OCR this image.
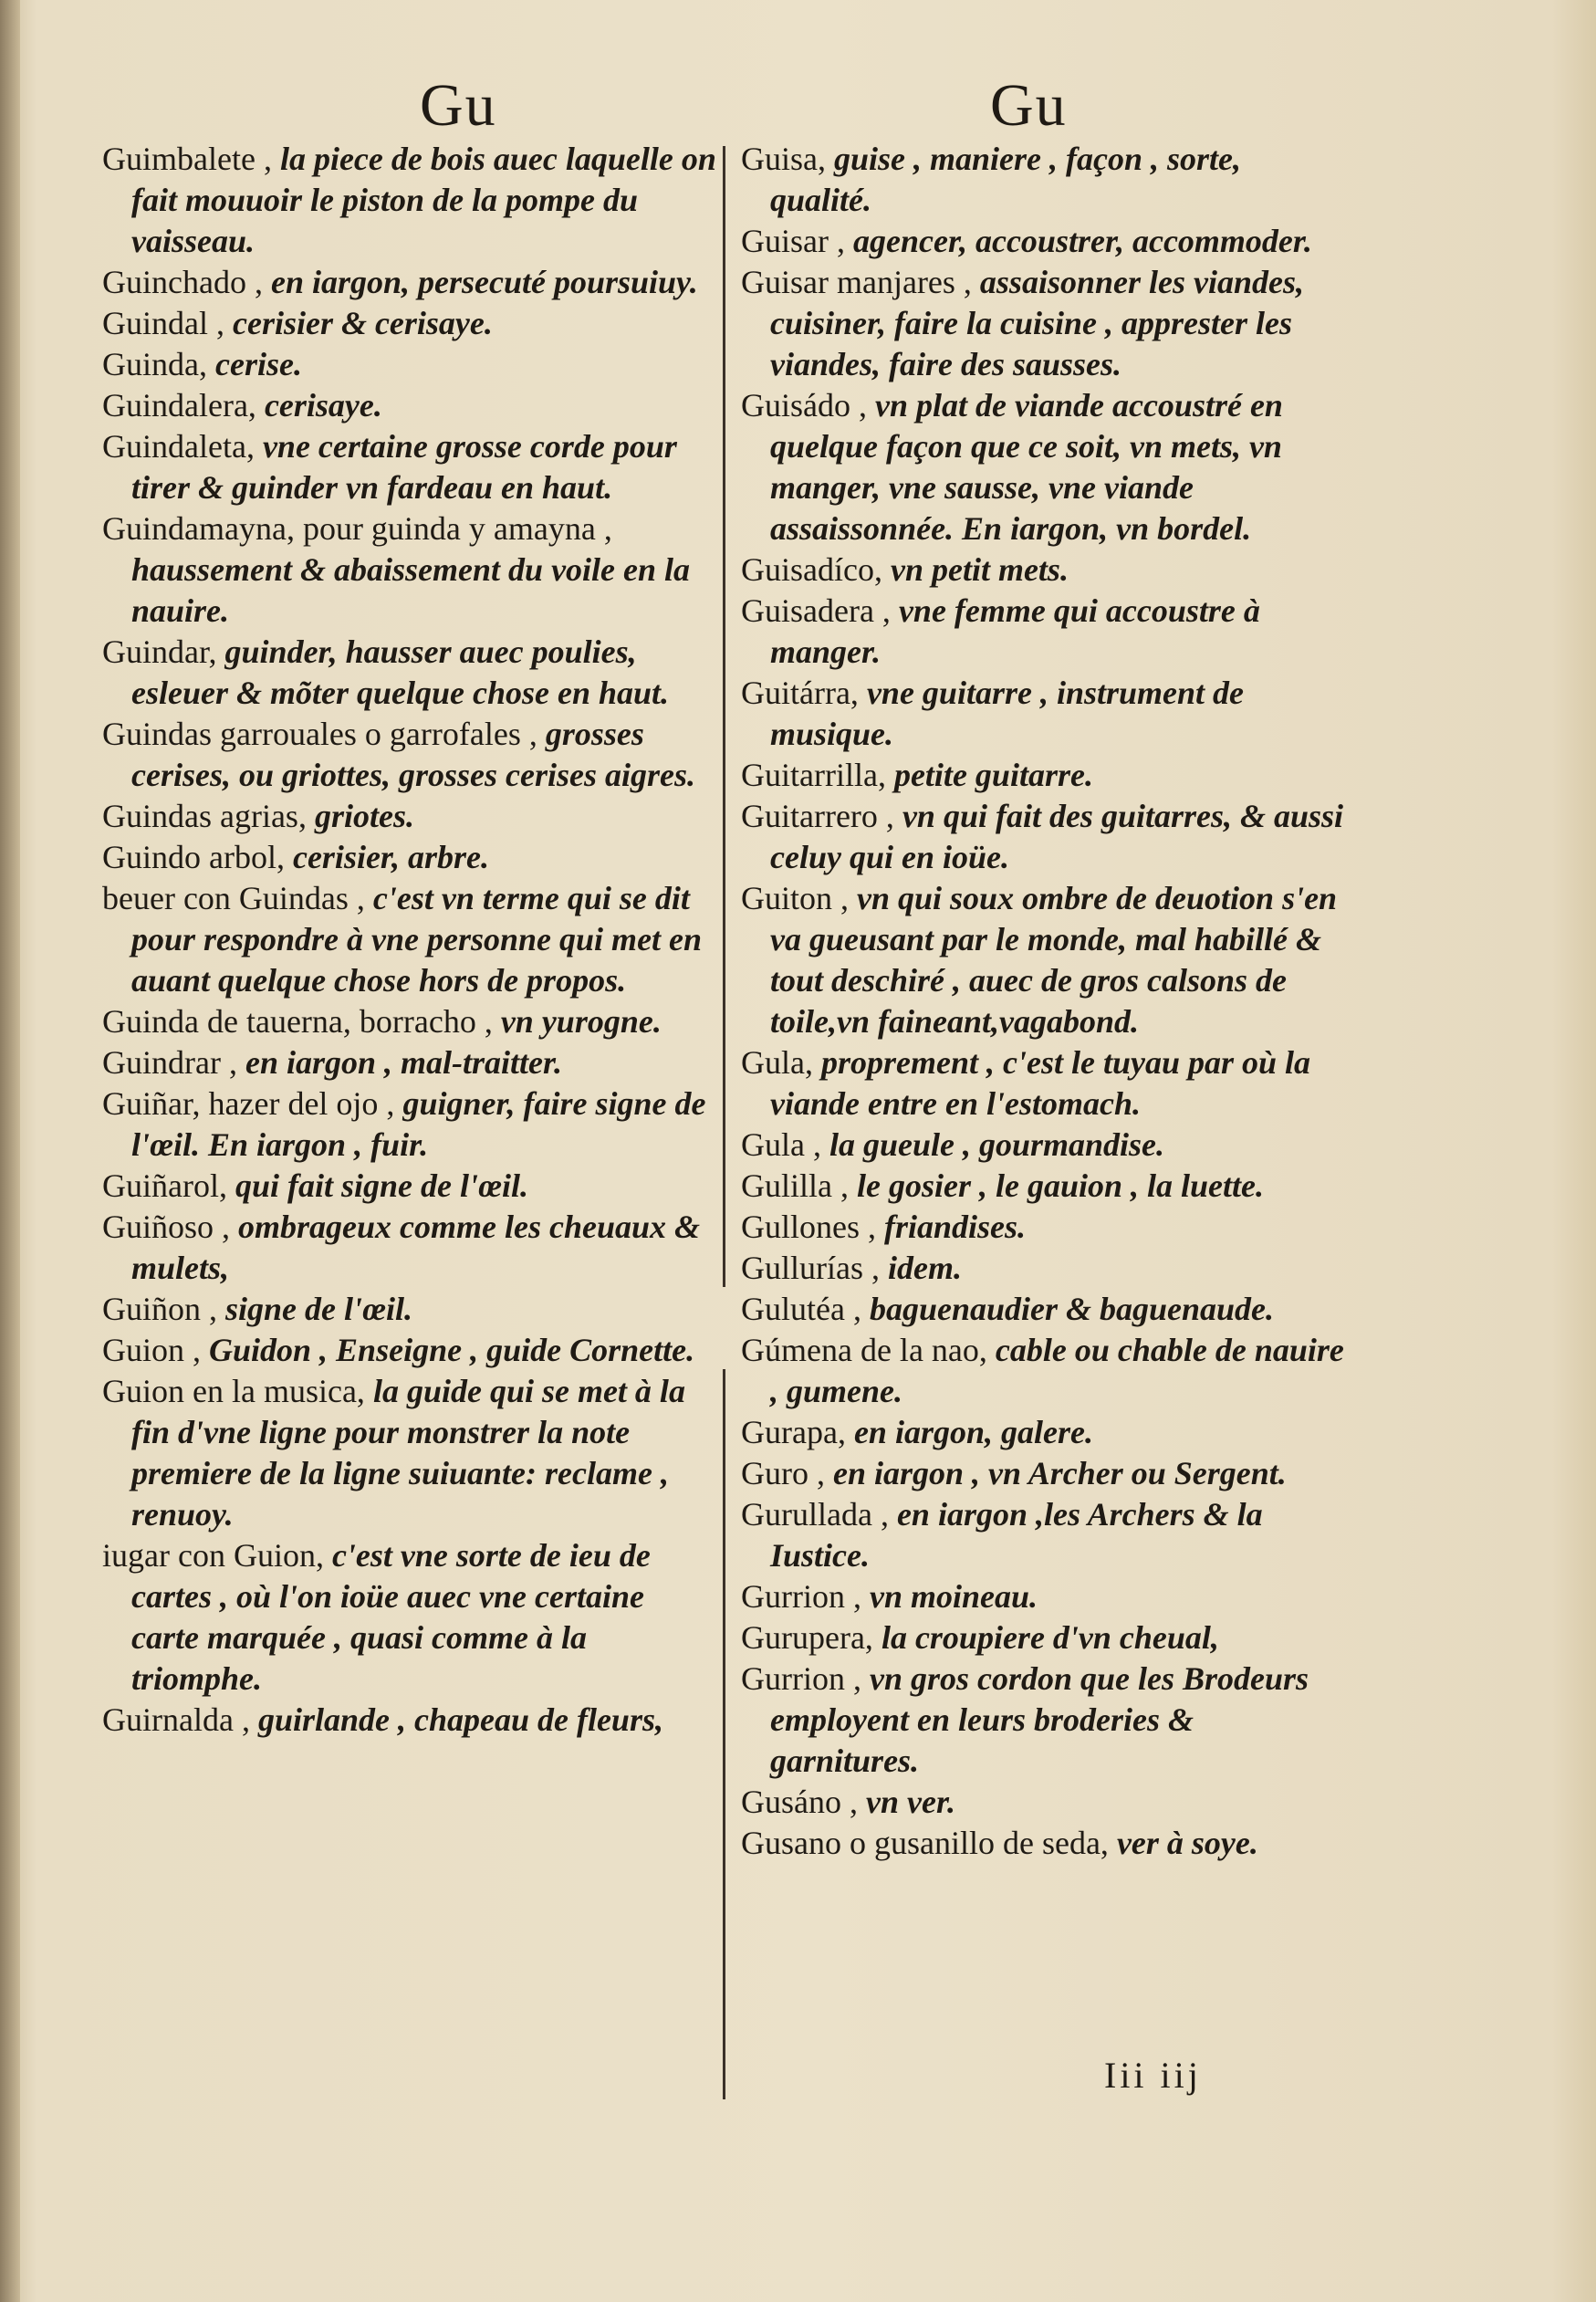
Gu	Gu
Guimbalete , la piece de bois auec laquelle on fait mouuoir le piston de la pompe du vaisseau.
Guinchado , en iargon, persecuté poursuiuy.
Guindal , cerisier & cerisaye.
Guinda, cerise.
Guindalera, cerisaye.
Guindaleta, vne certaine grosse corde pour tirer & guinder vn fardeau en haut.
Guindamayna, pour guinda y amayna , haussement & abaissement du voile en la nauire.
Guindar, guinder, hausser auec poulies, esleuer & mõter quelque chose en haut.
Guindas garrouales o garrofales , grosses cerises, ou griottes, grosses cerises aigres.
Guindas agrias, griotes.
Guindo arbol, cerisier, arbre.
beuer con Guindas , c'est vn terme qui se dit pour respondre à vne personne qui met en auant quelque chose hors de propos.
Guinda de tauerna, borracho , vn yurogne.
Guindrar , en iargon , mal-traitter.
Guiñar, hazer del ojo , guigner, faire signe de l'œil. En iargon , fuir.
Guiñarol, qui fait signe de l'œil.
Guiñoso , ombrageux comme les cheuaux & mulets,
Guiñon , signe de l'œil.
Guion , Guidon , Enseigne , guide Cornette.
Guion en la musica, la guide qui se met à la fin d'vne ligne pour monstrer la note premiere de la ligne suiuante: reclame , renuoy.
iugar con Guion, c'est vne sorte de ieu de cartes , où l'on ioüe auec vne certaine carte marquée , quasi comme à la triomphe.
Guirnalda , guirlande , chapeau de fleurs,
Guisa, guise , maniere , façon , sorte, qualité.
Guisar , agencer, accoustrer, accommoder.
Guisar manjares , assaisonner les viandes, cuisiner, faire la cuisine , apprester les viandes, faire des sausses.
Guisádo , vn plat de viande accoustré en quelque façon que ce soit, vn mets, vn manger, vne sausse, vne viande assaissonnée. En iargon, vn bordel.
Guisadíco, vn petit mets.
Guisadera , vne femme qui accoustre à manger.
Guitárra, vne guitarre , instrument de musique.
Guitarrilla, petite guitarre.
Guitarrero , vn qui fait des guitarres, & aussi celuy qui en ioüe.
Guiton , vn qui soux ombre de deuotion s'en va gueusant par le monde, mal habillé & tout deschiré , auec de gros calsons de toile,vn faineant,vagabond.
Gula, proprement , c'est le tuyau par où la viande entre en l'estomach.
Gula , la gueule , gourmandise.
Gulilla , le gosier , le gauion , la luette.
Gullones , friandises.
Gullurías , idem.
Gulutéa , baguenaudier & baguenaude.
Gúmena de la nao, cable ou chable de nauire , gumene.
Gurapa, en iargon, galere.
Guro , en iargon , vn Archer ou Sergent.
Gurullada , en iargon ,les Archers & la Iustice.
Gurrion , vn moineau.
Gurupera, la croupiere d'vn cheual,
Gurrion , vn gros cordon que les Brodeurs employent en leurs broderies & garnitures.
Gusáno , vn ver.
Gusano o gusanillo de seda, ver à soye.
Iii iij
